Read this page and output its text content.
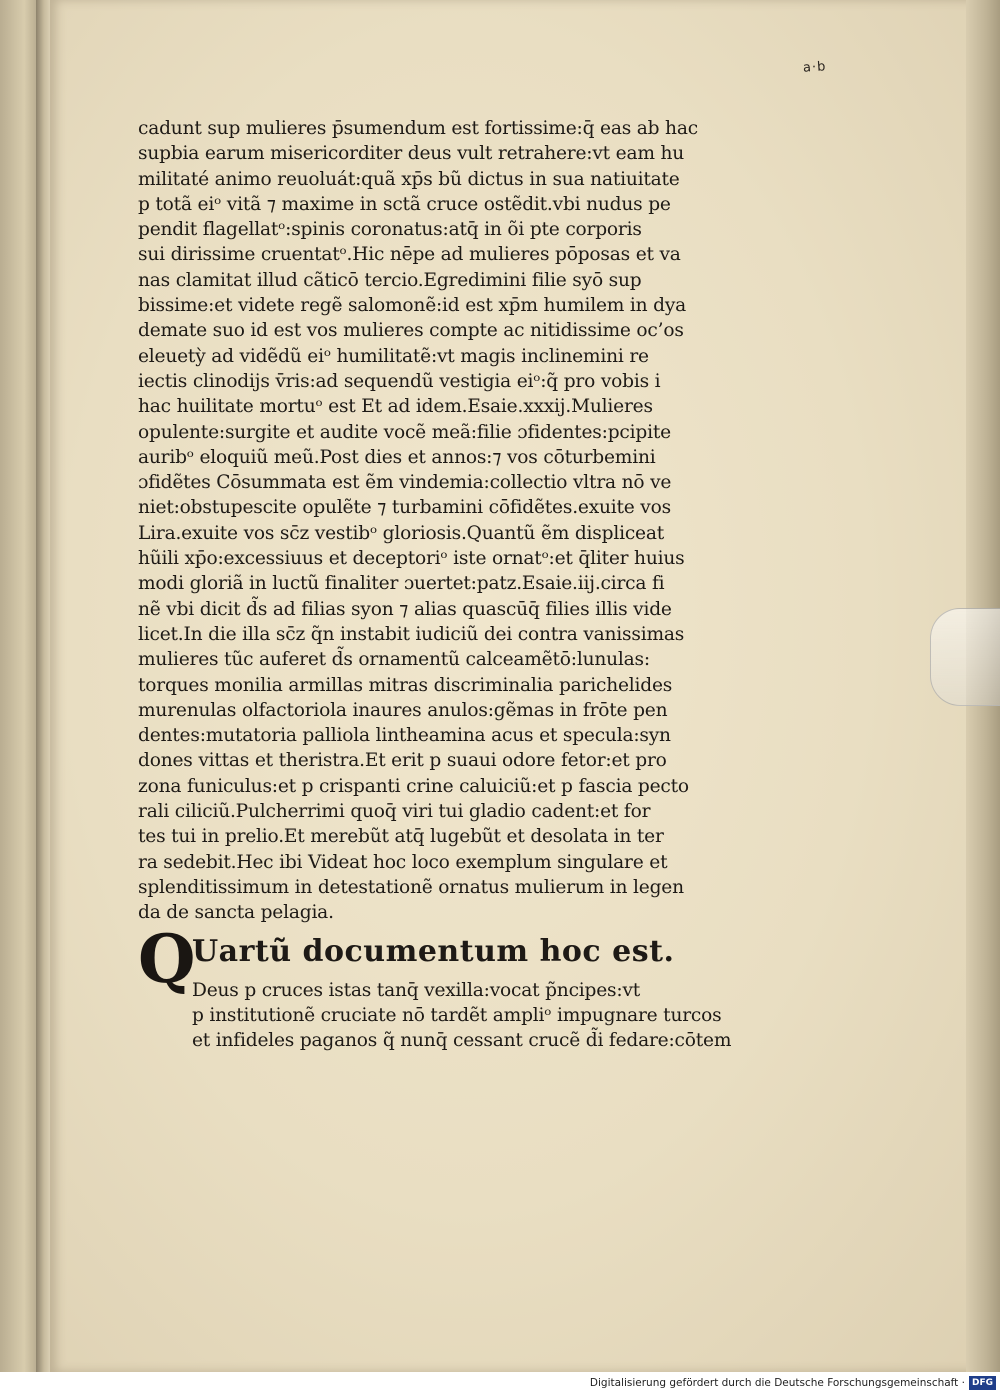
a·b
cadunt sup mulieres p̄sumendum est fortissime:q̄ eas ab hac
supbia earum misericorditer deus vult retrahere:vt eam hu
militaté animo reuoluát:quã xp̄s bũ dictus in sua natiuitate
p totã eiᵒ vitã ⁊ maxime in sctã cruce ostẽdit.vbi nudus pe
pendit flagellatᵒ:spinis coronatus:atq̄ in õi pte corporis
sui dirissime cruentatᵒ.Hic nēpe ad mulieres pōposas et va
nas clamitat illud cãticō tercio.Egredimini filie syō sup
bissime:et videte regẽ salomonẽ:id est xp̄m humilem in dya
demate suo id est vos mulieres compte ac nitidissime oc’os
eleuetỳ ad vidẽdũ eiᵒ humilitatẽ:vt magis inclinemini re
iectis clinodijs v̄ris:ad sequendũ vestigia eiᵒ:q̃ pro vobis i
hac huilitate mortuᵒ est Et ad idem.Esaie.xxxij.Mulieres
opulente:surgite et audite vocẽ meã:filie ɔfidentes:pcipite
auribᵒ eloquiũ meũ.Post dies et annos:⁊ vos cōturbemini
ɔfidẽtes Cōsummata est ẽm vindemia:collectio vltra nō ve
niet:obstupescite opulẽte ⁊ turbamini cōfidẽtes.exuite vos
Lira.exuite vos sc̄z vestibᵒ gloriosis.Quantũ ẽm displiceat
hũili xp̄o:excessiuus et deceptoriᵒ iste ornatᵒ:et q̄liter huius
modi gloriã in luctũ finaliter ɔuertet:patz.Esaie.iij.circa fi
nẽ vbi dicit d̃s ad filias syon ⁊ alias quascūq̄ filies illis vide
licet.In die illa sc̄z q̃n instabit iudiciũ dei contra vanissimas
mulieres tũc auferet d̃s ornamentũ calceamẽtō:lunulas:
torques monilia armillas mitras discriminalia parichelides
murenulas olfactoriola inaures anulos:gẽmas in frōte pen
dentes:mutatoria palliola lintheamina acus et specula:syn
dones vittas et theristra.Et erit p suaui odore fetor:et pro
zona funiculus:et p crispanti crine caluiciũ:et p fascia pecto
rali ciliciũ.Pulcherrimi quoq̄ viri tui gladio cadent:et for
tes tui in prelio.Et merebũt atq̄ lugebũt et desolata in ter
ra sedebit.Hec ibi Videat hoc loco exemplum singulare et
splenditissimum in detestationẽ ornatus mulierum in legen
da de sancta pelagia.
Q
Uartũ documentum hoc est.
Deus p cruces istas tanq̄ vexilla:vocat p̃ncipes:vt
p institutionẽ cruciate nō tardẽt ampliᵒ impugnare turcos
et infideles paganos q̃ nunq̄ cessant crucẽ d̃i fedare:cōtem
Digitalisierung gefördert durch die Deutsche Forschungsgemeinschaft · DFG
